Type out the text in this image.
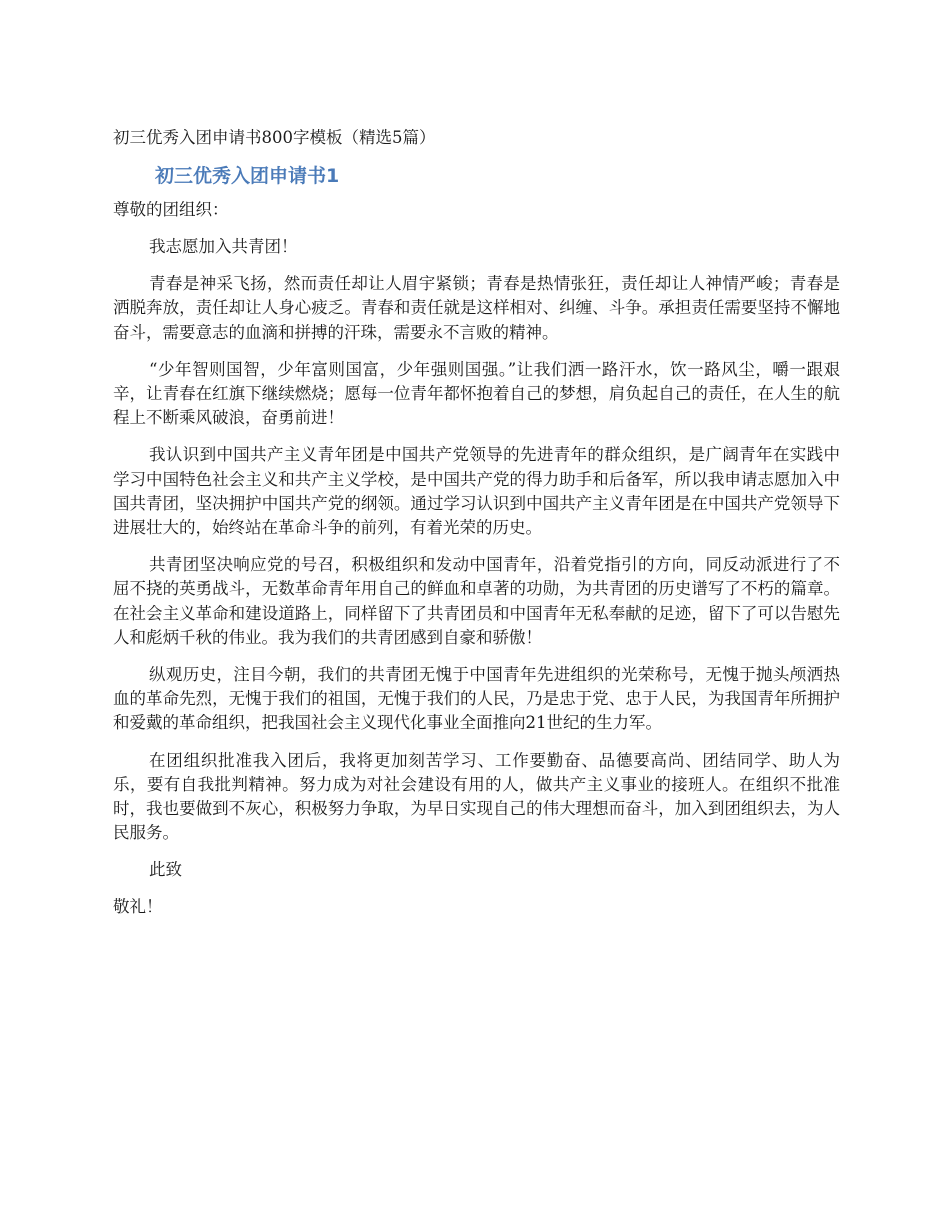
初三优秀入团申请书800字模板（精选5篇）

初三优秀入团申请书1

尊敬的团组织：

我志愿加入共青团！

青春是神采飞扬，然而责任却让人眉宇紧锁；青春是热情张狂，责任却让人神情严峻；青春是洒脱奔放，责任却让人身心疲乏。青春和责任就是这样相对、纠缠、斗争。承担责任需要坚持不懈地奋斗，需要意志的血滴和拼搏的汗珠，需要永不言败的精神。

“少年智则国智，少年富则国富，少年强则国强。”让我们洒一路汗水，饮一路风尘，嚼一跟艰辛，让青春在红旗下继续燃烧；愿每一位青年都怀抱着自己的梦想，肩负起自己的责任，在人生的航程上不断乘风破浪，奋勇前进！

我认识到中国共产主义青年团是中国共产党领导的先进青年的群众组织，是广阔青年在实践中学习中国特色社会主义和共产主义学校，是中国共产党的得力助手和后备军，所以我申请志愿加入中国共青团，坚决拥护中国共产党的纲领。通过学习认识到中国共产主义青年团是在中国共产党领导下进展壮大的，始终站在革命斗争的前列，有着光荣的历史。

共青团坚决响应党的号召，积极组织和发动中国青年，沿着党指引的方向，同反动派进行了不屈不挠的英勇战斗，无数革命青年用自己的鲜血和卓著的功勋，为共青团的历史谱写了不朽的篇章。在社会主义革命和建设道路上，同样留下了共青团员和中国青年无私奉献的足迹，留下了可以告慰先人和彪炳千秋的伟业。我为我们的共青团感到自豪和骄傲！

纵观历史，注目今朝，我们的共青团无愧于中国青年先进组织的光荣称号，无愧于抛头颅洒热血的革命先烈，无愧于我们的祖国，无愧于我们的人民，乃是忠于党、忠于人民，为我国青年所拥护和爱戴的革命组织，把我国社会主义现代化事业全面推向21世纪的生力军。

在团组织批准我入团后，我将更加刻苦学习、工作要勤奋、品德要高尚、团结同学、助人为乐，要有自我批判精神。努力成为对社会建设有用的人，做共产主义事业的接班人。在组织不批准时，我也要做到不灰心，积极努力争取，为早日实现自己的伟大理想而奋斗，加入到团组织去，为人民服务。

此致

敬礼！
